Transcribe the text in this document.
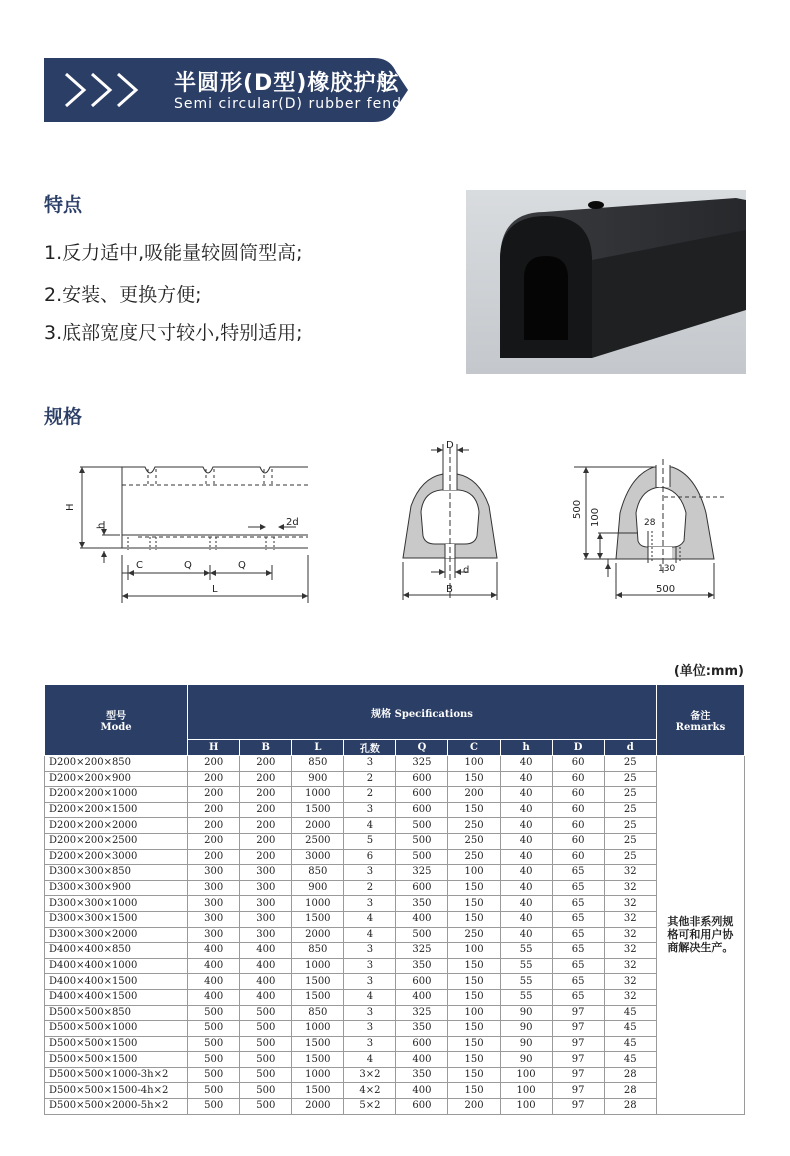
半圆形(D型)橡胶护舷
Semi circular(D) rubber fender
特点
1.反力适中,吸能量较圆筒型高;
2.安装、更换方便;
3.底部宽度尺寸较小,特别适用;
规格
H
h	2d
C	Q	Q
L
D
d
B
500 100	28
130
500
(单位:mm)
型号
Mode	规格 Specifications									备注
Remarks
	H	B	L	孔数	Q	C	h	D	d	
D200×200×850	200	200	850	3	325	100	40	60	25	其他非系列规格可和用户协商解决生产。
D200×200×900	200	200	900	2	600	150	40	60	25	
D200×200×1000	200	200	1000	2	600	200	40	60	25	
D200×200×1500	200	200	1500	3	600	150	40	60	25	
D200×200×2000	200	200	2000	4	500	250	40	60	25	
D200×200×2500	200	200	2500	5	500	250	40	60	25	
D200×200×3000	200	200	3000	6	500	250	40	60	25	
D300×300×850	300	300	850	3	325	100	40	65	32	
D300×300×900	300	300	900	2	600	150	40	65	32	
D300×300×1000	300	300	1000	3	350	150	40	65	32	
D300×300×1500	300	300	1500	4	400	150	40	65	32	
D300×300×2000	300	300	2000	4	500	250	40	65	32	
D400×400×850	400	400	850	3	325	100	55	65	32	
D400×400×1000	400	400	1000	3	350	150	55	65	32	
D400×400×1500	400	400	1500	3	600	150	55	65	32	
D400×400×1500	400	400	1500	4	400	150	55	65	32	
D500×500×850	500	500	850	3	325	100	90	97	45	
D500×500×1000	500	500	1000	3	350	150	90	97	45	
D500×500×1500	500	500	1500	3	600	150	90	97	45	
D500×500×1500	500	500	1500	4	400	150	90	97	45	
D500×500×1000-3h×2	500	500	1000	3×2	350	150	100	97	28	
D500×500×1500-4h×2	500	500	1500	4×2	400	150	100	97	28	
D500×500×2000-5h×2	500	500	2000	5×2	600	200	100	97	28	
